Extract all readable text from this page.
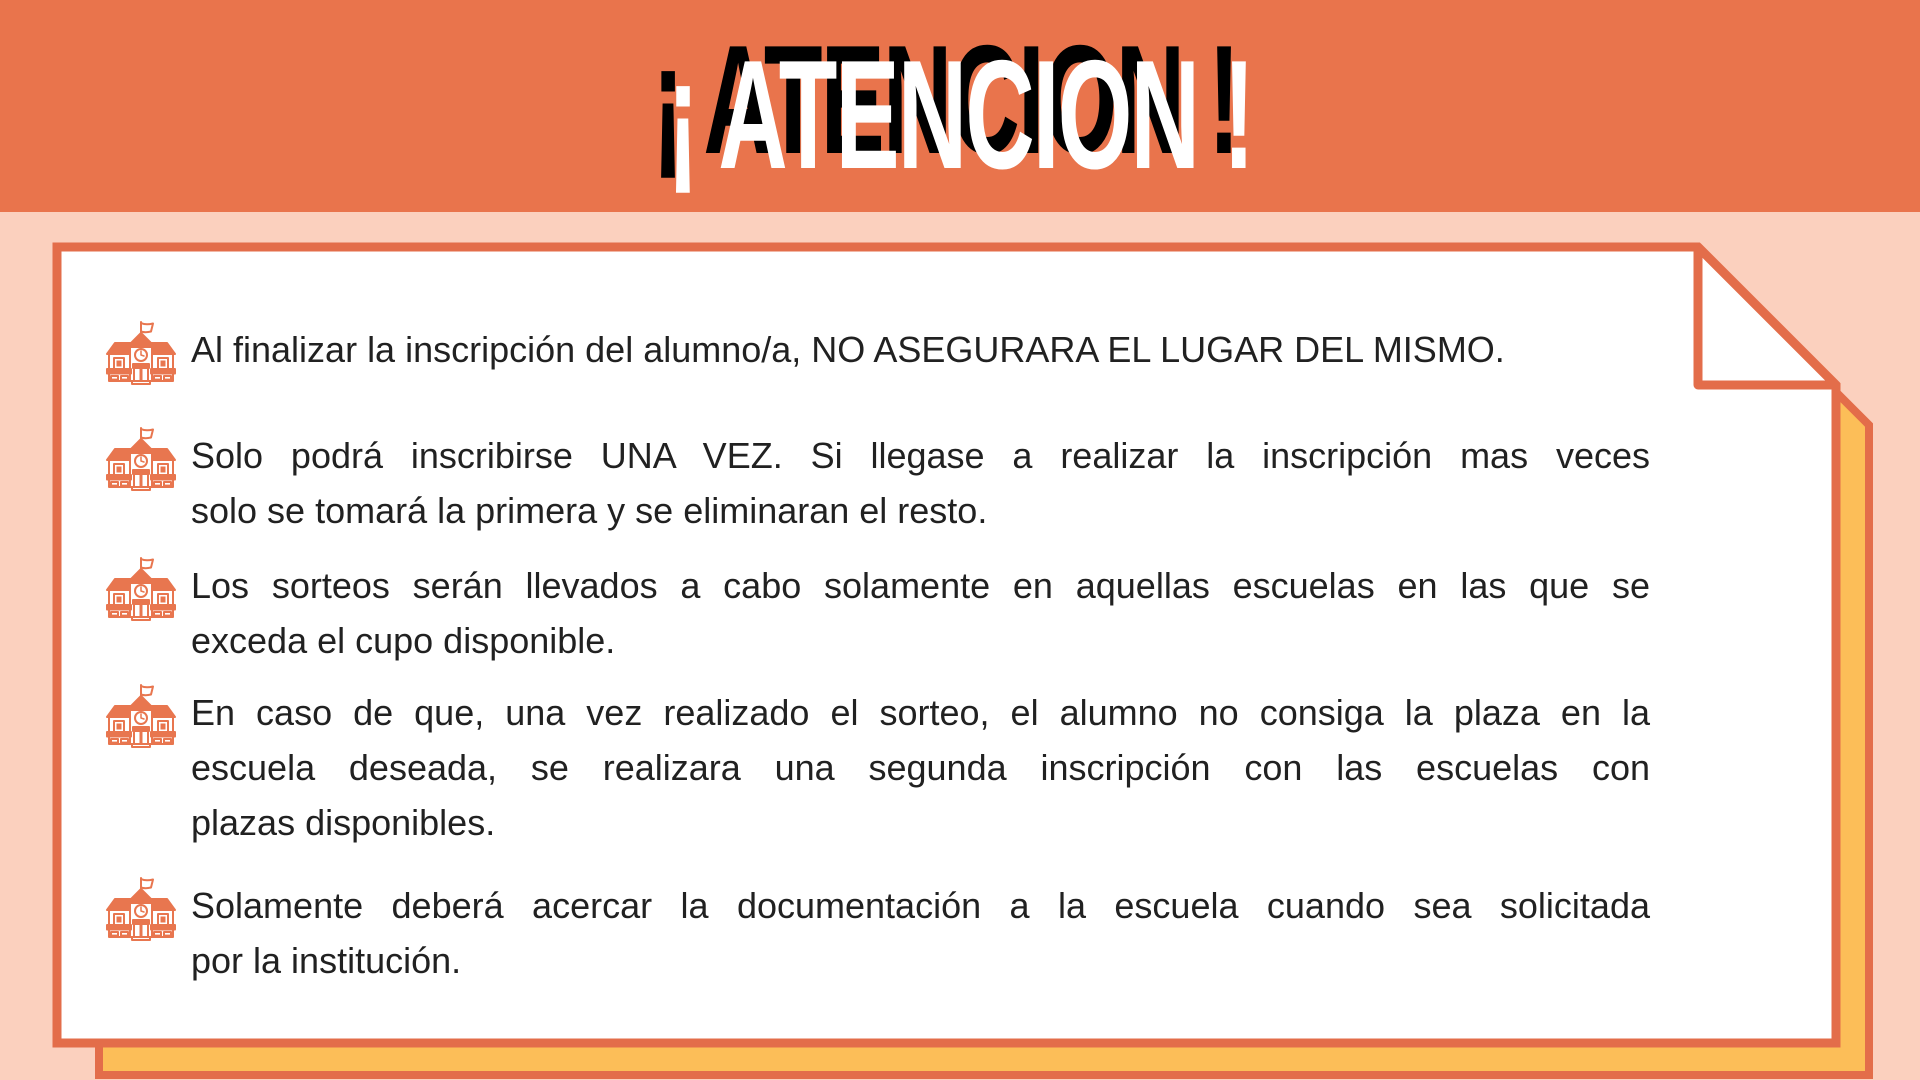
¡ ATENCION !
Al finalizar la inscripción del alumno/a, NO ASEGURARA EL LUGAR DEL MISMO.
Solo podrá inscribirse UNA VEZ. Si llegase a realizar la inscripción mas veces
solo se tomará la primera y se eliminaran el resto.
Los sorteos serán llevados a cabo solamente en aquellas escuelas en las que se
exceda el cupo disponible.
En caso de que, una vez realizado el sorteo, el alumno no consiga la plaza en la
escuela deseada, se realizara una segunda inscripción con las escuelas con
plazas disponibles.
Solamente deberá acercar la documentación a la escuela cuando sea solicitada
por la institución.
